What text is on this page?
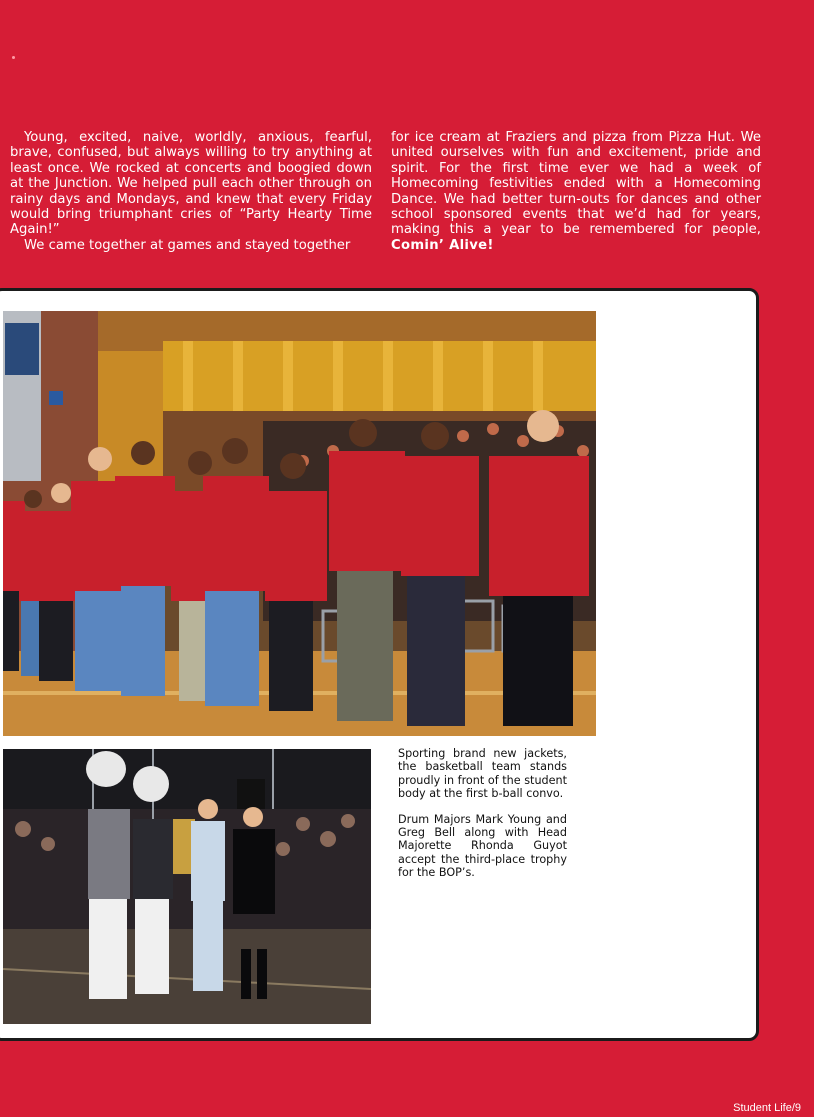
Young, excited, naive, worldly, anxious, fearful, brave, confused, but always willing to try anything at least once. We rocked at concerts and boogied down at the Junction. We helped pull each other through on rainy days and Mondays, and knew that every Friday would bring triumphant cries of “Party Hearty Time Again!”

We came together at games and stayed together

for ice cream at Fraziers and pizza from Pizza Hut. We united ourselves with fun and excitement, pride and spirit. For the first time ever we had a week of Homecoming festivities ended with a Homecoming Dance. We had better turn-outs for dances and other school sponsored events that we’d had for years, making this a year to be remembered for people, Comin’ Alive!

Sporting brand new jackets, the basketball team stands proudly in front of the student body at the first b-ball convo.

Drum Majors Mark Young and Greg Bell along with Head Majorette Rhonda Guyot accept the third-place trophy for the BOP’s.

Student Life/9
